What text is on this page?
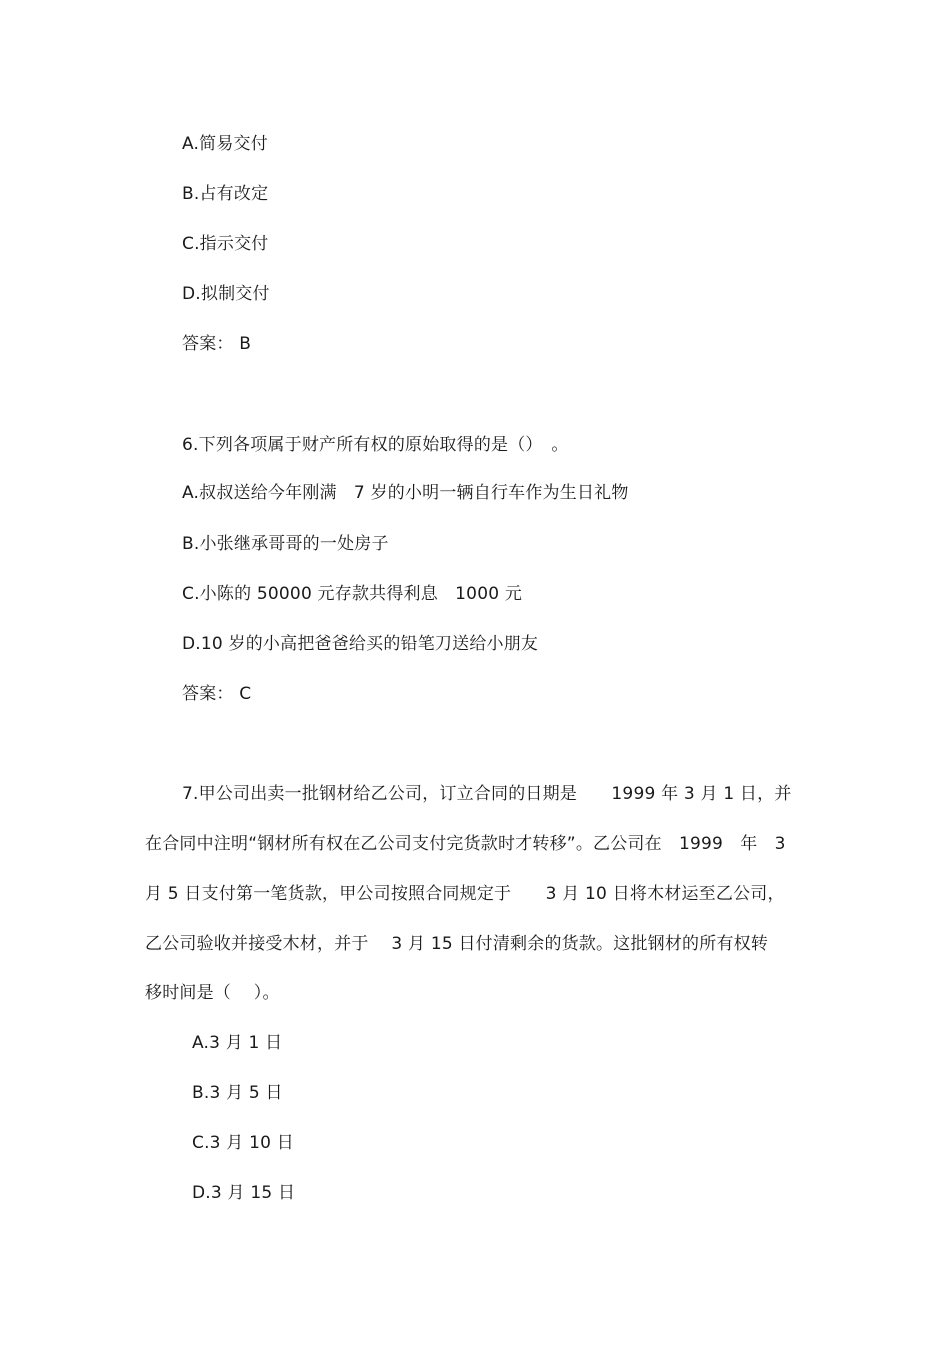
A.简易交付
B.占有改定
C.指示交付
D.拟制交付
答案： B
6.下列各项属于财产所有权的原始取得的是（）　。
A.叔叔送给今年刚满　7 岁的小明一辆自行车作为生日礼物
B.小张继承哥哥的一处房子
C.小陈的 50000 元存款共得利息　1000 元
D.10 岁的小高把爸爸给买的铅笔刀送给小朋友
答案： C
7.甲公司出卖一批钢材给乙公司，订立合同的日期是　　1999 年 3 月 1 日，并
在合同中注明“钢材所有权在乙公司支付完货款时才转移”。乙公司在　1999　年　3
月 5 日支付第一笔货款，甲公司按照合同规定于　　3 月 10 日将木材运至乙公司，
乙公司验收并接受木材，并于　 3 月 15 日付清剩余的货款。这批钢材的所有权转
移时间是（　 ）。
A.3 月 1 日
B.3 月 5 日
C.3 月 10 日
D.3 月 15 日
